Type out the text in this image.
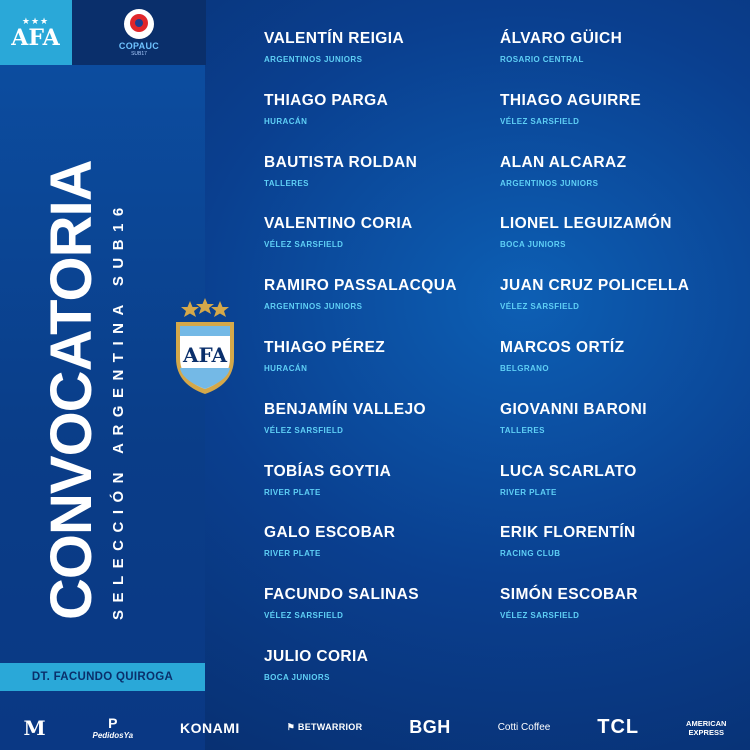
★★★
AFA	COPAUC
SUB17
CONVOCATORIA SELECCIÓN ARGENTINA SUB16	AFA
DT. FACUNDO QUIROGA
VALENTÍN REIGIA
ARGENTINOS JUNIORS
THIAGO PARGA
HURACÁN
BAUTISTA ROLDAN
TALLERES
VALENTINO CORIA
VÉLEZ SARSFIELD
RAMIRO PASSALACQUA
ARGENTINOS JUNIORS
THIAGO PÉREZ
HURACÁN
BENJAMÍN VALLEJO
VÉLEZ SARSFIELD
TOBÍAS GOYTIA
RIVER PLATE
GALO ESCOBAR
RIVER PLATE
FACUNDO SALINAS
VÉLEZ SARSFIELD
JULIO CORIA
BOCA JUNIORS
ÁLVARO GÜICH
ROSARIO CENTRAL
THIAGO AGUIRRE
VÉLEZ SARSFIELD
ALAN ALCARAZ
ARGENTINOS JUNIORS
LIONEL LEGUIZAMÓN
BOCA JUNIORS
JUAN CRUZ POLICELLA
VÉLEZ SARSFIELD
MARCOS ORTÍZ
BELGRANO
GIOVANNI BARONI
TALLERES
LUCA SCARLATO
RIVER PLATE
ERIK FLORENTÍN
RACING CLUB
SIMÓN ESCOBAR
VÉLEZ SARSFIELD
M	P
PedidosYa	KONAMI	⚑ BETWARRIOR	BGH	Cotti Coffee TCL	AMERICAN
EXPRESS
